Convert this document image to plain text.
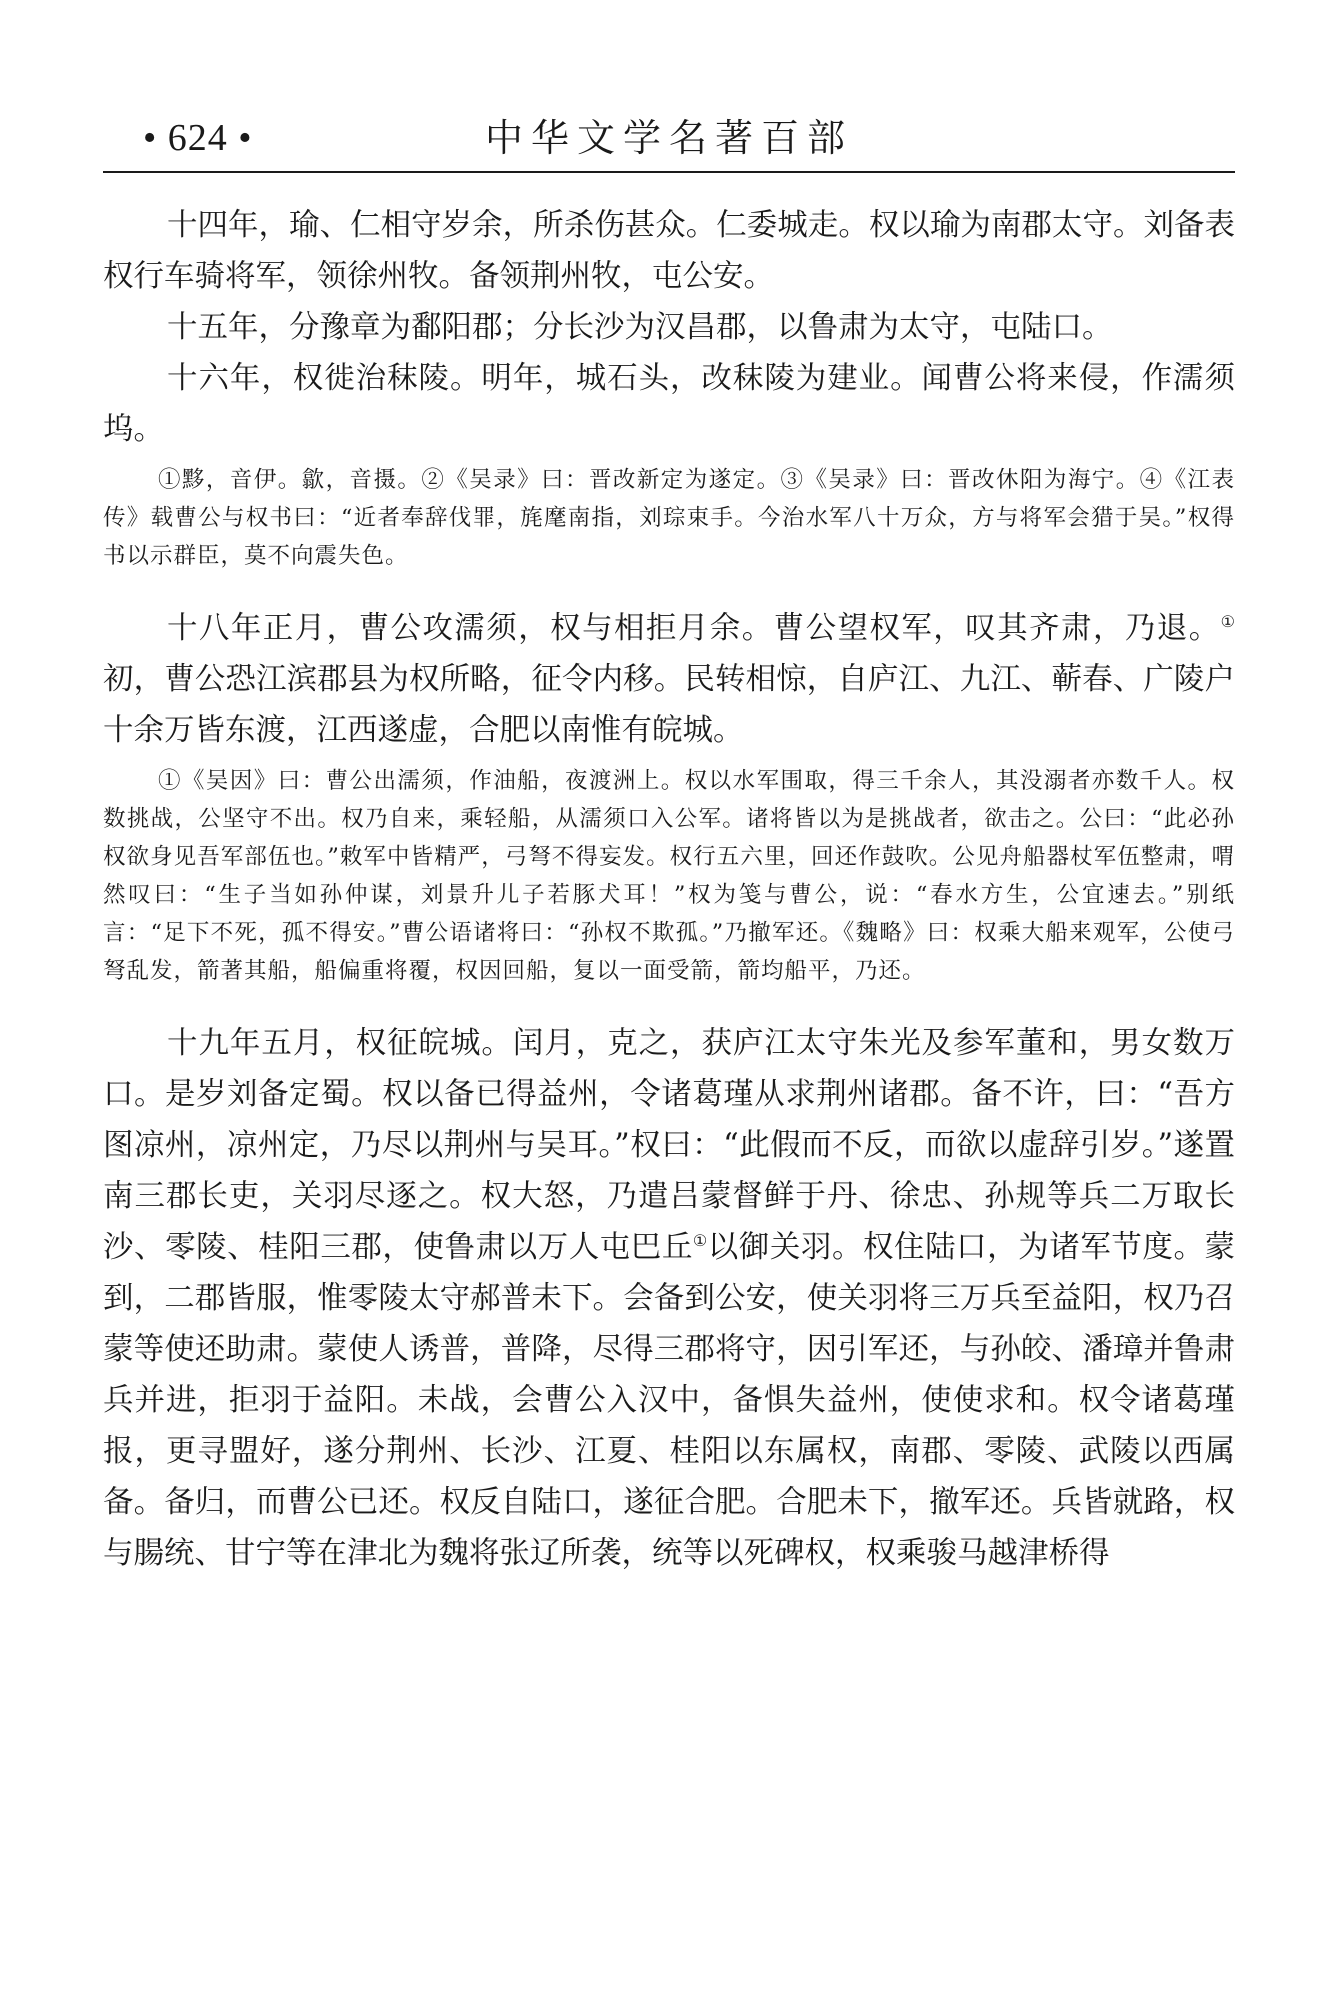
• 624 •	中华文学名著百部

十四年，瑜、仁相守岁余，所杀伤甚众。仁委城走。权以瑜为南郡太守。刘备表权行车骑将军，领徐州牧。备领荆州牧，屯公安。

十五年，分豫章为鄱阳郡；分长沙为汉昌郡，以鲁肃为太守，屯陆口。

十六年，权徙治秣陵。明年，城石头，改秣陵为建业。闻曹公将来侵，作濡须坞。

①黟，音伊。歙，音摄。②《吴录》曰：晋改新定为遂定。③《吴录》曰：晋改休阳为海宁。④《江表传》载曹公与权书曰：“近者奉辞伐罪，旄麾南指，刘琮束手。今治水军八十万众，方与将军会猎于吴。”权得书以示群臣，莫不向震失色。

十八年正月，曹公攻濡须，权与相拒月余。曹公望权军，叹其齐肃，乃退。①初，曹公恐江滨郡县为权所略，征令内移。民转相惊，自庐江、九江、蕲春、广陵户十余万皆东渡，江西遂虚，合肥以南惟有皖城。

①《吴因》曰：曹公出濡须，作油船，夜渡洲上。权以水军围取，得三千余人，其没溺者亦数千人。权数挑战，公坚守不出。权乃自来，乘轻船，从濡须口入公军。诸将皆以为是挑战者，欲击之。公曰：“此必孙权欲身见吾军部伍也。”敕军中皆精严，弓弩不得妄发。权行五六里，回还作鼓吹。公见舟船器杖军伍整肃，喟然叹曰：“生子当如孙仲谋，刘景升儿子若豚犬耳！”权为笺与曹公，说：“春水方生，公宜速去。”别纸言：“足下不死，孤不得安。”曹公语诸将曰：“孙权不欺孤。”乃撤军还。《魏略》曰：权乘大船来观军，公使弓弩乱发，箭著其船，船偏重将覆，权因回船，复以一面受箭，箭均船平，乃还。

十九年五月，权征皖城。闰月，克之，获庐江太守朱光及参军董和，男女数万口。是岁刘备定蜀。权以备已得益州，令诸葛瑾从求荆州诸郡。备不许，曰：“吾方图凉州，凉州定，乃尽以荆州与吴耳。”权曰：“此假而不反，而欲以虚辞引岁。”遂置南三郡长吏，关羽尽逐之。权大怒，乃遣吕蒙督鲜于丹、徐忠、孙规等兵二万取长沙、零陵、桂阳三郡，使鲁肃以万人屯巴丘①以御关羽。权住陆口，为诸军节度。蒙到，二郡皆服，惟零陵太守郝普未下。会备到公安，使关羽将三万兵至益阳，权乃召蒙等使还助肃。蒙使人诱普，普降，尽得三郡将守，因引军还，与孙皎、潘璋并鲁肃兵并进，拒羽于益阳。未战，会曹公入汉中，备惧失益州，使使求和。权令诸葛瑾报，更寻盟好，遂分荆州、长沙、江夏、桂阳以东属权，南郡、零陵、武陵以西属备。备归，而曹公已还。权反自陆口，遂征合肥。合肥未下，撤军还。兵皆就路，权与腸统、甘宁等在津北为魏将张辽所袭，统等以死碑权，权乘骏马越津桥得
